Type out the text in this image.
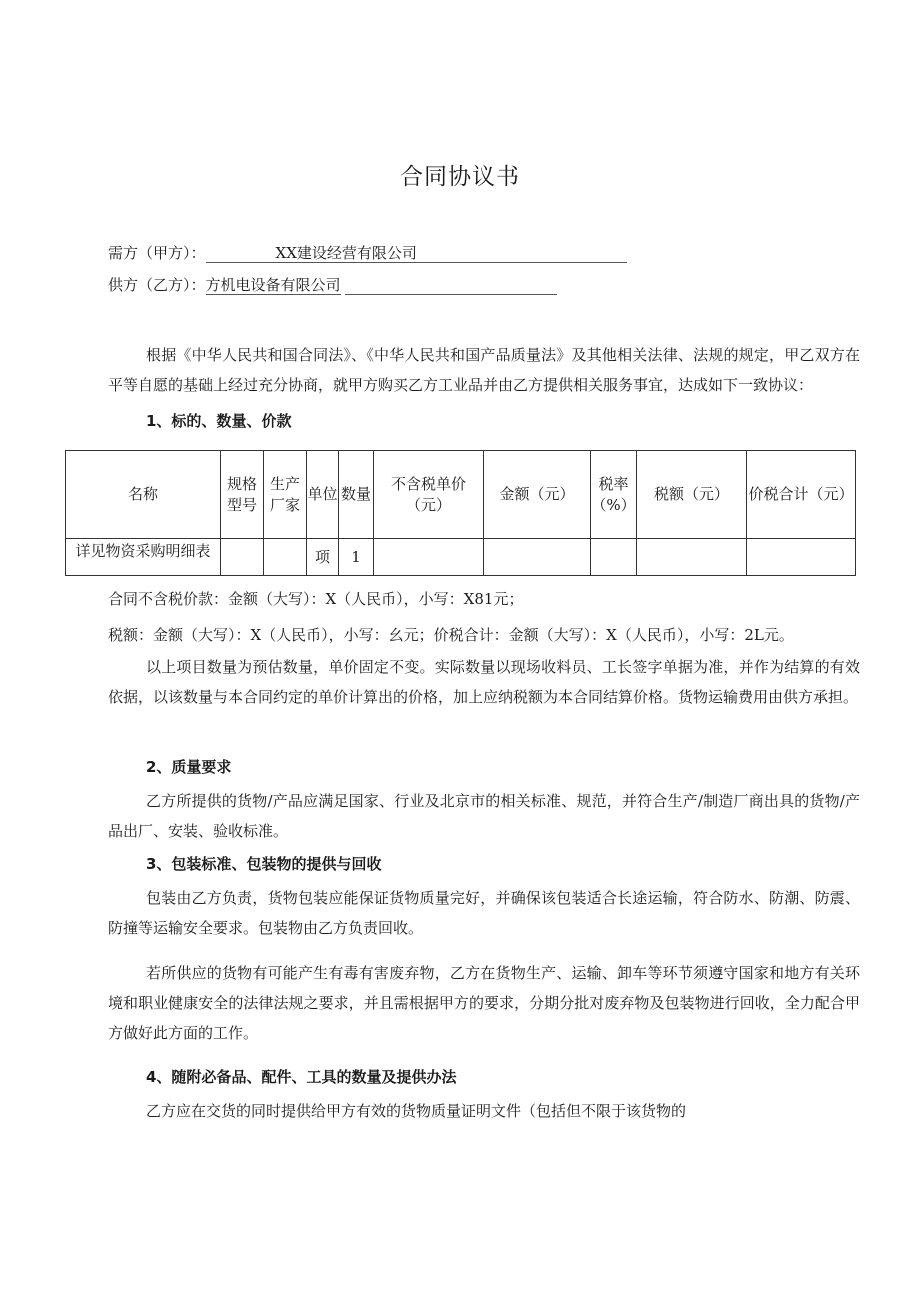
合同协议书
需方（甲方）：	XX建设经营有限公司
供方（乙方）：方机电设备有限公司
根据《中华人民共和国合同法》、《中华人民共和国产品质量法》及其他相关法律、法规的规定，甲乙双方在平等自愿的基础上经过充分协商，就甲方购买乙方工业品并由乙方提供相关服务事宜，达成如下一致协议：
1、标的、数量、价款
名称	规格型号	生产厂家	单位	数量	不含税单价（元）	金额（元）	税率（%）	税额（元）	价税合计（元）

详见物资采购明细表			项	1					
合同不含税价款：金额（大写）：X（人民币），小写：X81元；
税额：金额（大写）：X（人民币），小写：幺元；价税合计：金额（大写）：X（人民币），小写：2L元。
以上项目数量为预估数量，单价固定不变。实际数量以现场收料员、工长签字单据为准，并作为结算的有效依据，以该数量与本合同约定的单价计算出的价格，加上应纳税额为本合同结算价格。货物运输费用由供方承担。
2、质量要求
乙方所提供的货物/产品应满足国家、行业及北京市的相关标准、规范，并符合生产/制造厂商出具的货物/产品出厂、安装、验收标准。
3、包装标准、包装物的提供与回收
包装由乙方负责，货物包装应能保证货物质量完好，并确保该包装适合长途运输，符合防水、防潮、防震、防撞等运输安全要求。包装物由乙方负责回收。
若所供应的货物有可能产生有毒有害废弃物，乙方在货物生产、运输、卸车等环节须遵守国家和地方有关环境和职业健康安全的法律法规之要求，并且需根据甲方的要求，分期分批对废弃物及包装物进行回收，全力配合甲方做好此方面的工作。
4、随附必备品、配件、工具的数量及提供办法
乙方应在交货的同时提供给甲方有效的货物质量证明文件（包括但不限于该货物的
